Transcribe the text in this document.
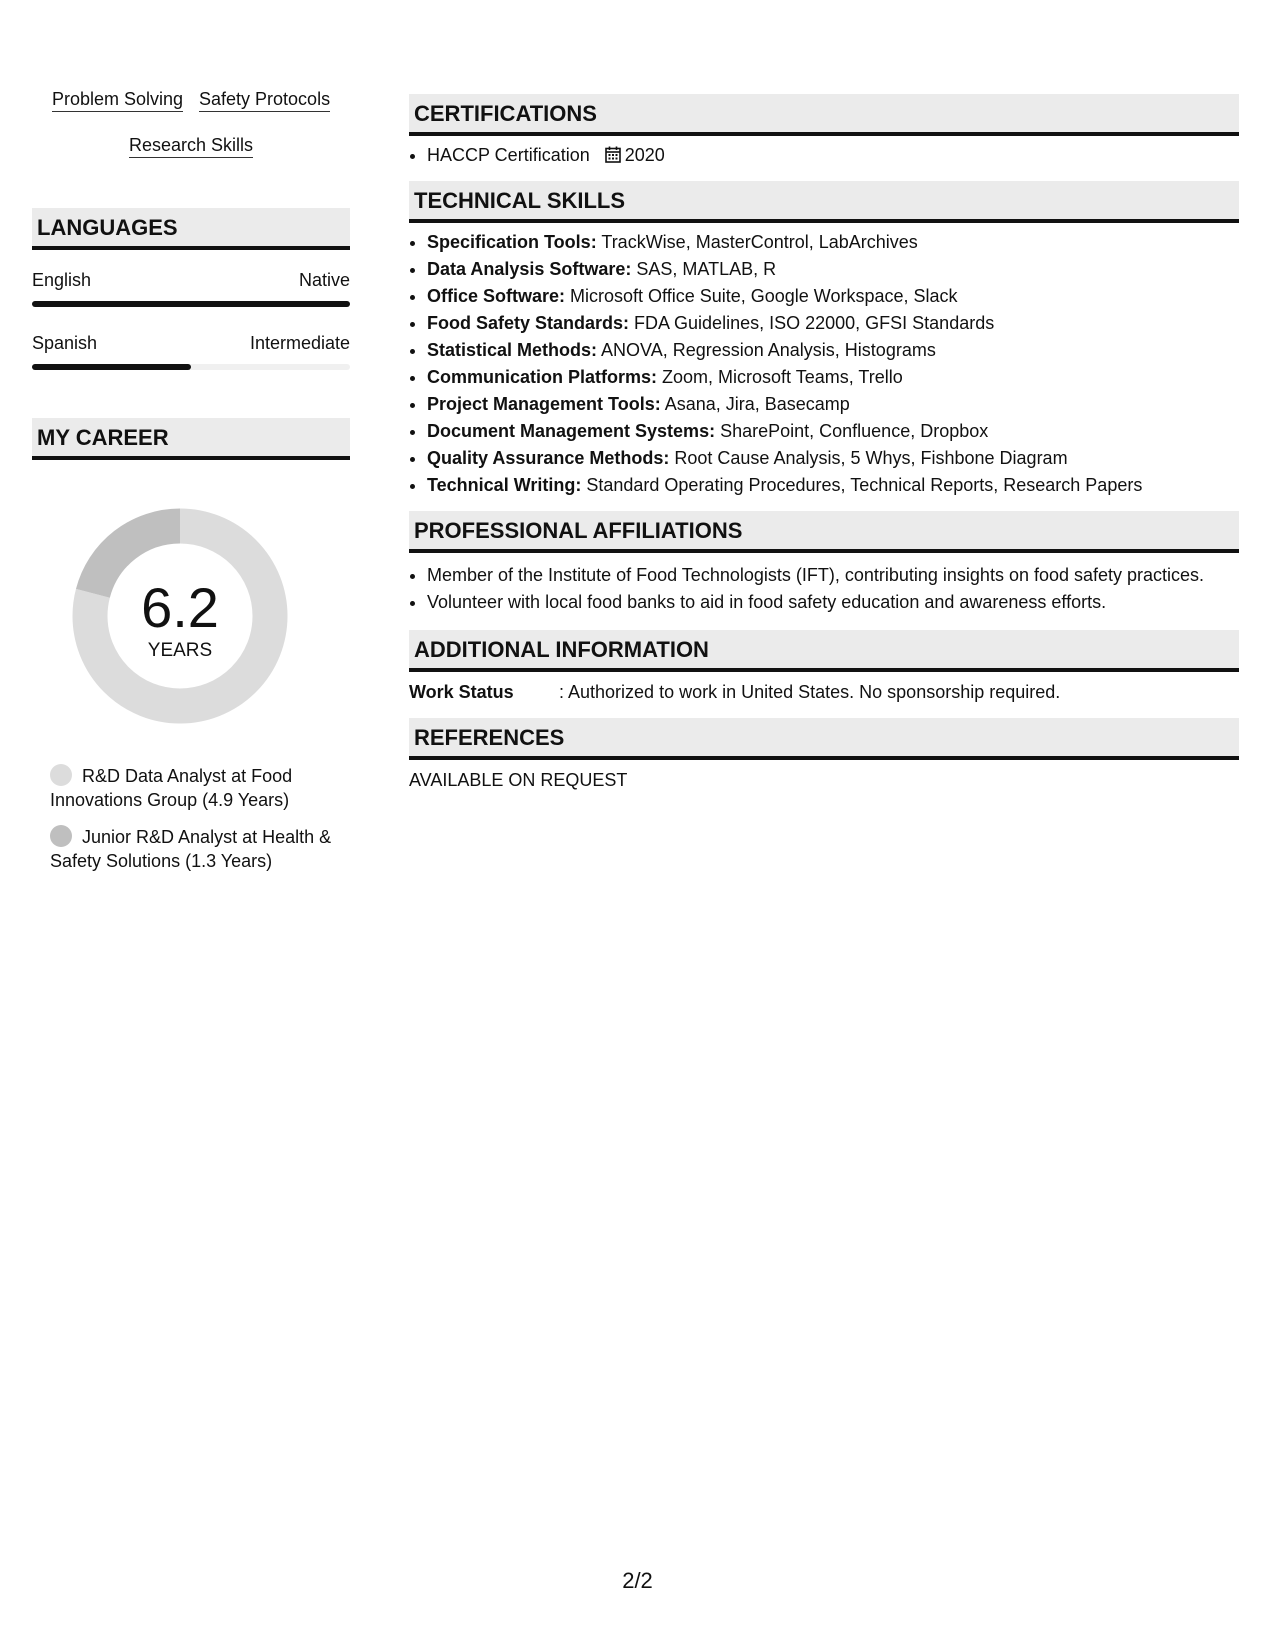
Problem Solving Safety Protocols
Research Skills
LANGUAGES
English	Native
Spanish	Intermediate
MY CAREER
6.2
YEARS
R&D Data Analyst at Food Innovations Group (4.9 Years)
Junior R&D Analyst at Health & Safety Solutions (1.3 Years)
CERTIFICATIONS
• HACCP Certification 2020
TECHNICAL SKILLS
• Specification Tools: TrackWise, MasterControl, LabArchives
• Data Analysis Software: SAS, MATLAB, R
• Office Software: Microsoft Office Suite, Google Workspace, Slack
• Food Safety Standards: FDA Guidelines, ISO 22000, GFSI Standards
• Statistical Methods: ANOVA, Regression Analysis, Histograms
• Communication Platforms: Zoom, Microsoft Teams, Trello
• Project Management Tools: Asana, Jira, Basecamp
• Document Management Systems: SharePoint, Confluence, Dropbox
• Quality Assurance Methods: Root Cause Analysis, 5 Whys, Fishbone Diagram
• Technical Writing: Standard Operating Procedures, Technical Reports, Research Papers
PROFESSIONAL AFFILIATIONS
• Member of the Institute of Food Technologists (IFT), contributing insights on food safety practices.
• Volunteer with local food banks to aid in food safety education and awareness efforts.
ADDITIONAL INFORMATION
Work Status	: Authorized to work in United States. No sponsorship required.
REFERENCES
AVAILABLE ON REQUEST
2/2
